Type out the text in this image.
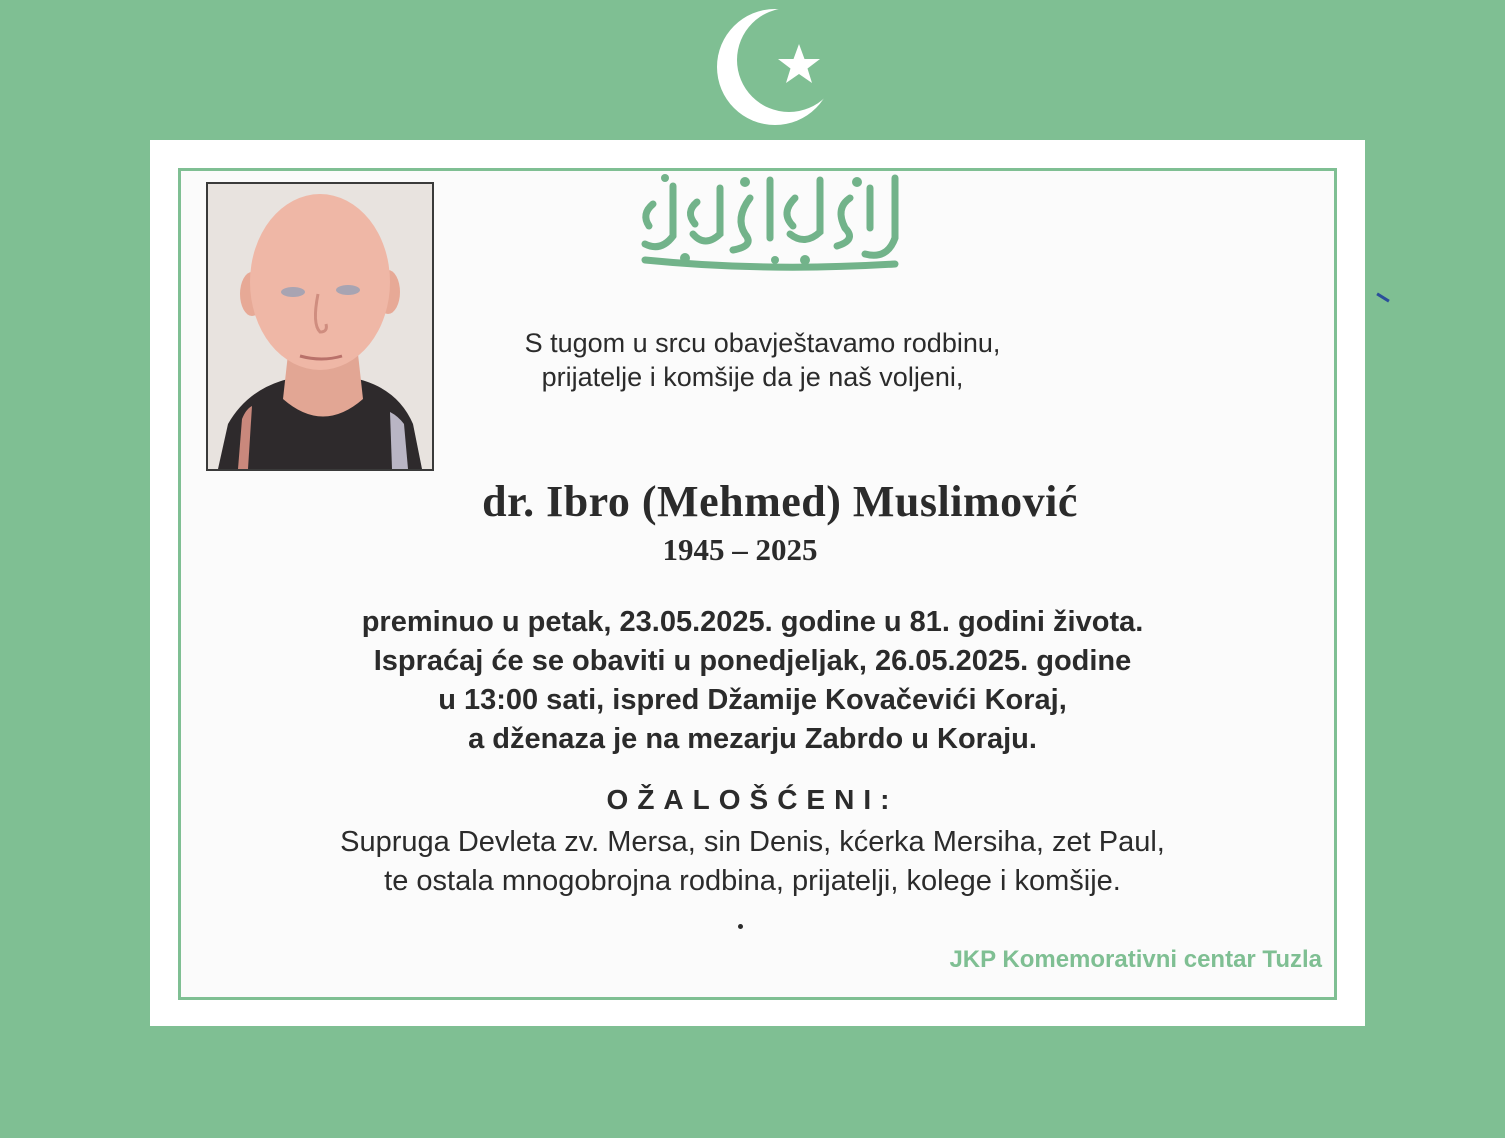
S tugom u srcu obavještavamo rodbinu,
prijatelje i komšije da je naš voljeni,
dr. Ibro (Mehmed) Muslimović
1945 – 2025
preminuo u petak, 23.05.2025. godine u 81. godini života.
Ispraćaj će se obaviti u ponedjeljak, 26.05.2025. godine
u 13:00 sati, ispred Džamije Kovačevići Koraj,
a dženaza je na mezarju Zabrdo u Koraju.
OŽALOŠĆENI:
Supruga Devleta zv. Mersa, sin Denis, kćerka Mersiha, zet Paul,
te ostala mnogobrojna rodbina, prijatelji, kolege i komšije.
JKP Komemorativni centar Tuzla
